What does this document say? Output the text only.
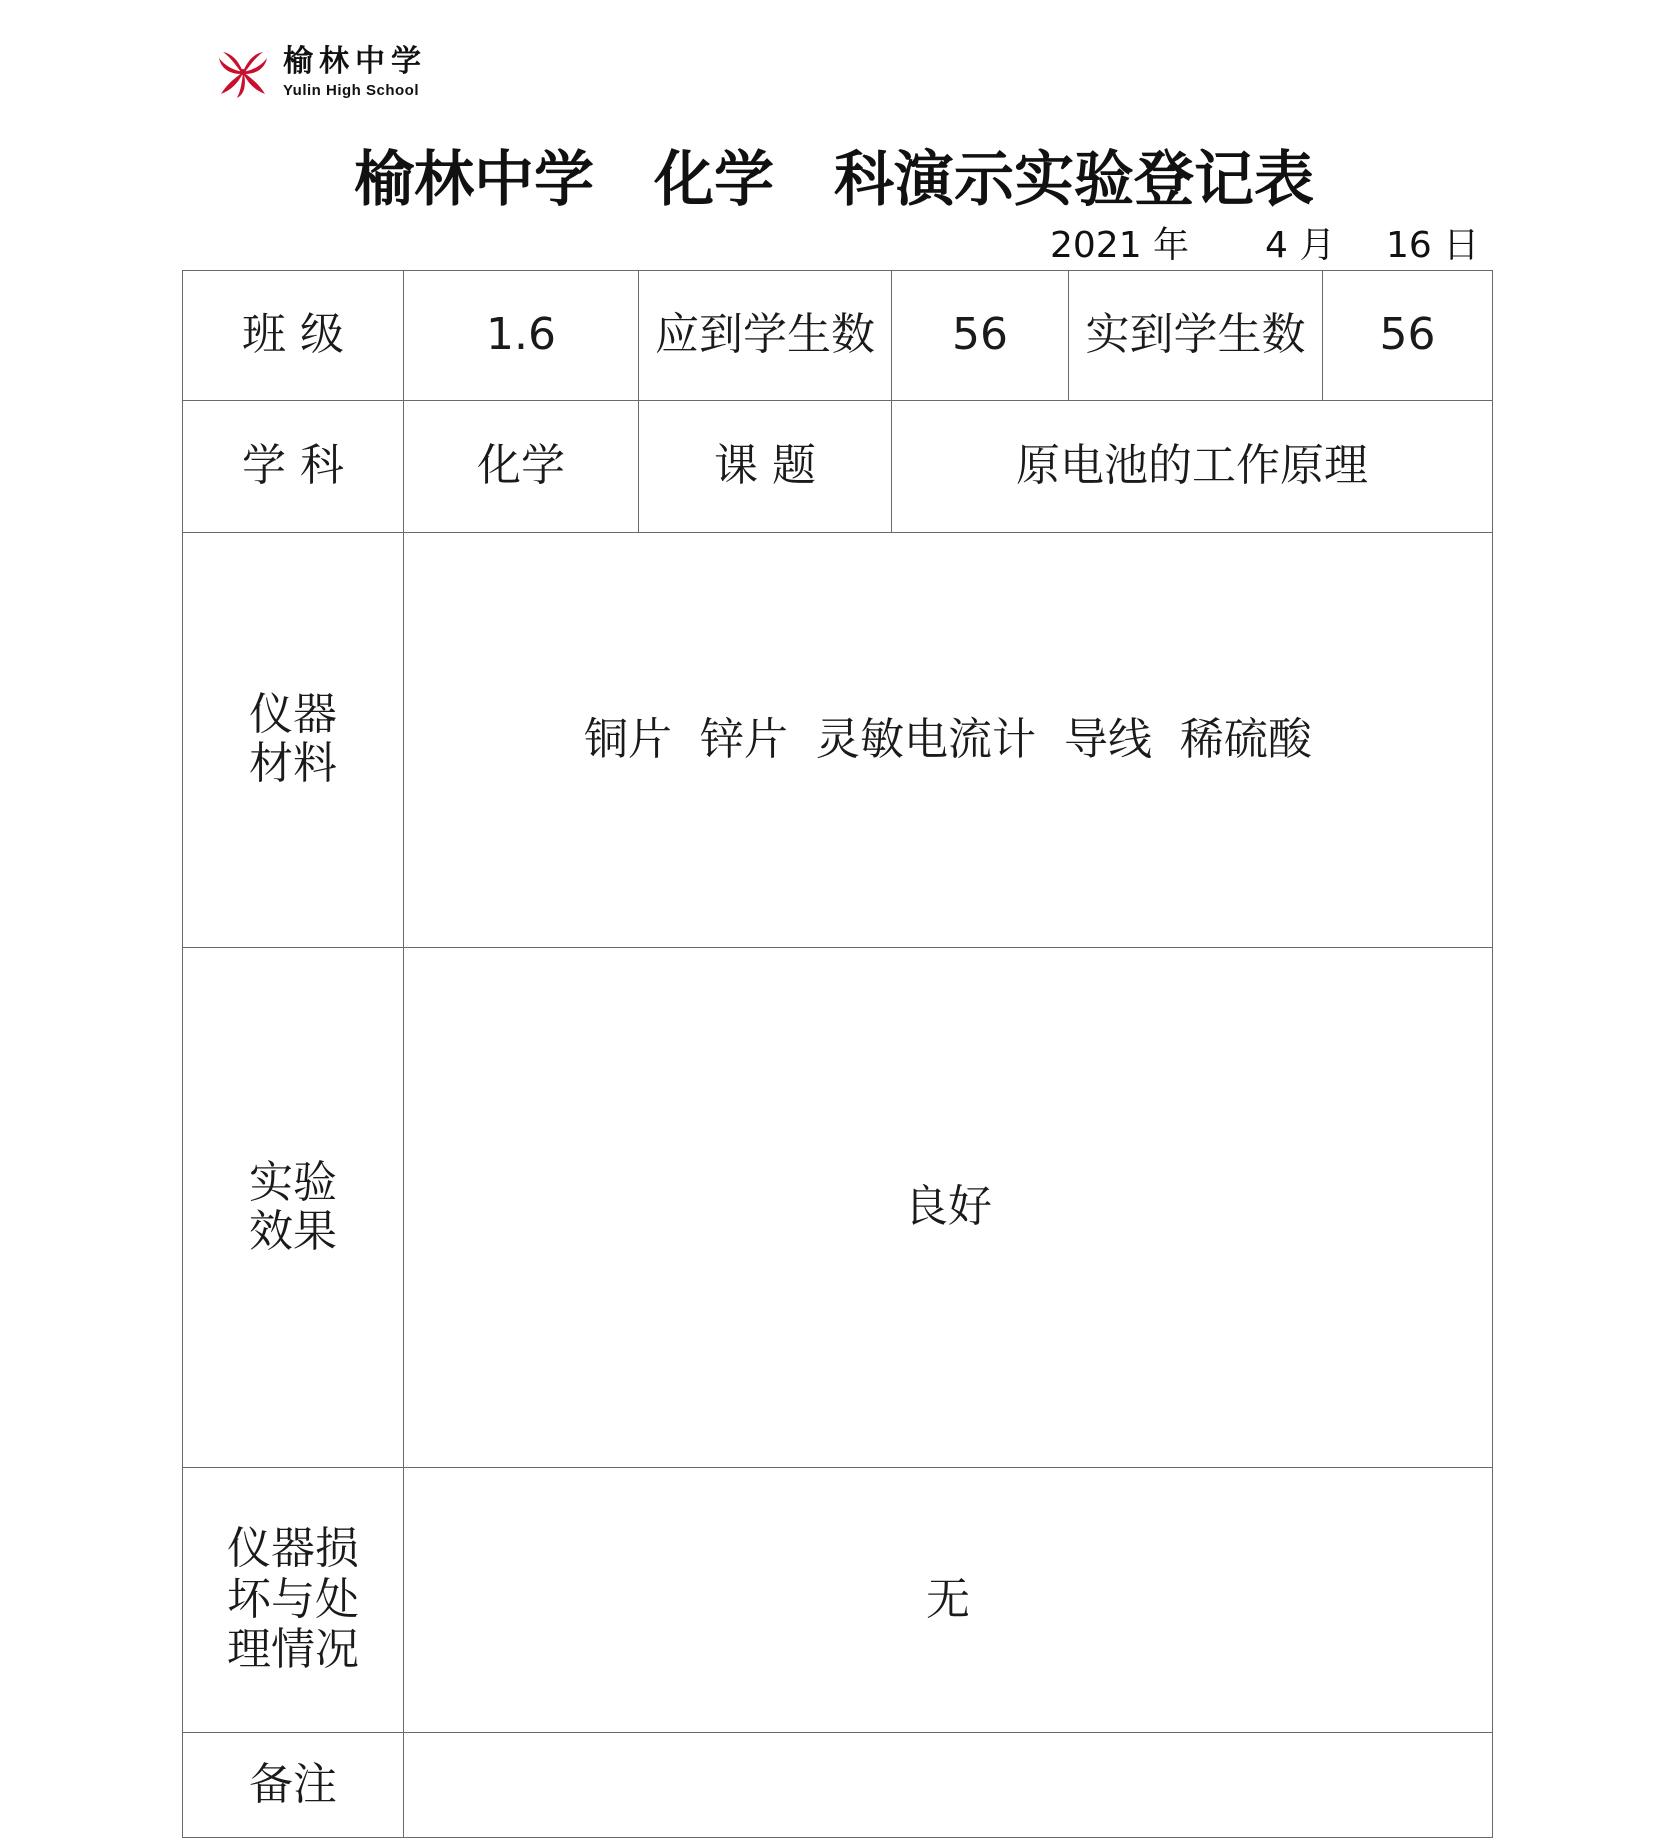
榆林中学
Yulin High School
榆林中学　化学　科演示实验登记表
2021 年 4 月 16 日
班 级	1.6	应到学生数	56	实到学生数	56
学 科	化学	课 题	原电池的工作原理		
仪器材料	铜片  锌片  灵敏电流计  导线  稀硫酸				
实验效果	良好				
仪器损坏与处理情况	无				
备注					
